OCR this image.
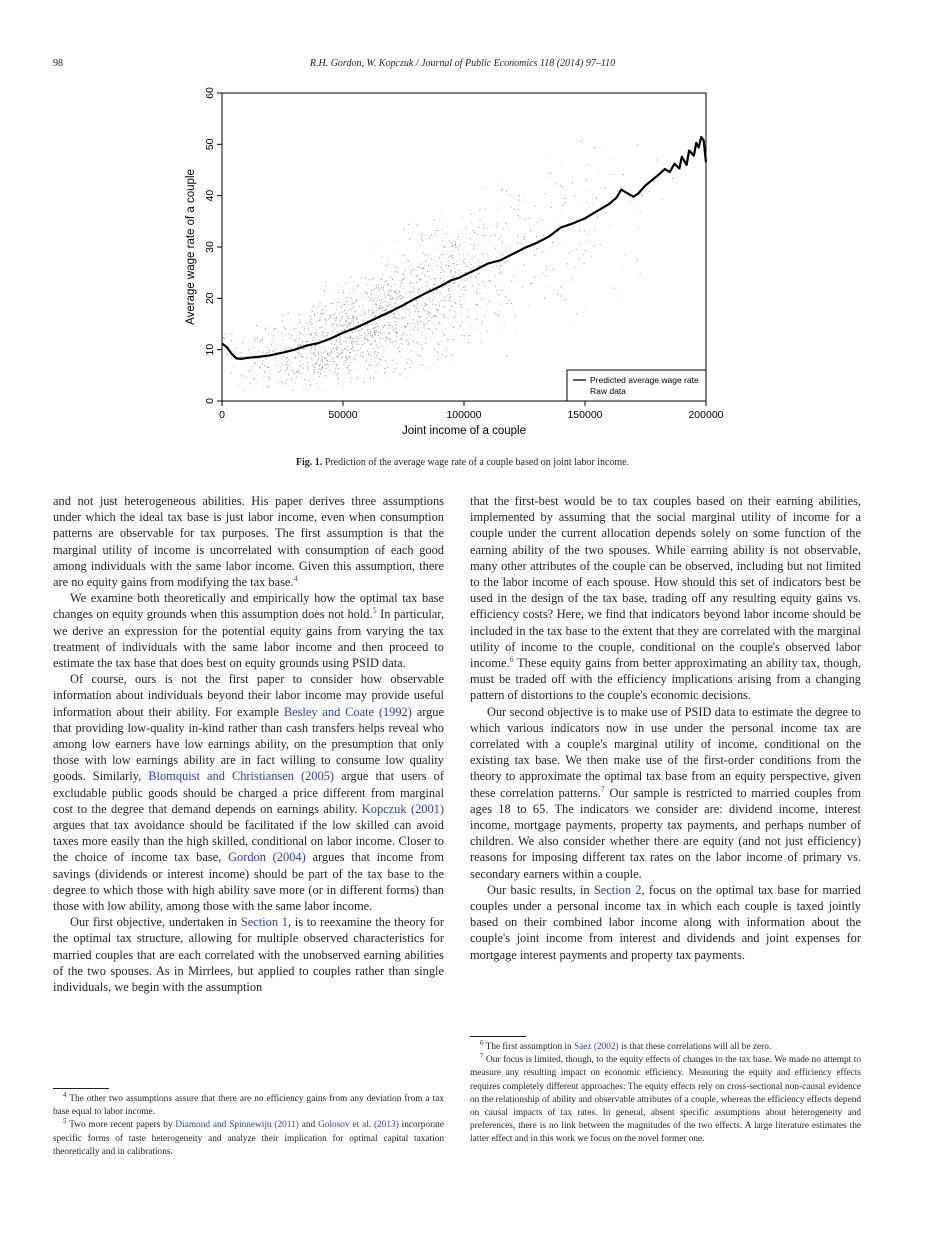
98	R.H. Gordon, W. Kopczuk / Journal of Public Economics 118 (2014) 97–110
0	50000	100000	150000	200000
0
10
20
30
40
50
60
Joint income of a couple
Average wage rate of a couple
Predicted average wage rate
Raw data
Fig. 1. Prediction of the average wage rate of a couple based on joint labor income.

and not just heterogeneous abilities. His paper derives three assumptions under which the ideal tax base is just labor income, even when consumption patterns are observable for tax purposes. The first assumption is that the marginal utility of income is uncorrelated with consumption of each good among individuals with the same labor income. Given this assumption, there are no equity gains from modifying the tax base.$^4$

We examine both theoretically and empirically how the optimal tax base changes on equity grounds when this assumption does not hold.$^5$ In particular, we derive an expression for the potential equity gains from varying the tax treatment of individuals with the same labor income and then proceed to estimate the tax base that does best on equity grounds using PSID data.

Of course, ours is not the first paper to consider how observable information about individuals beyond their labor income may provide useful information about their ability. For example Besley and Coate (1992) argue that providing low-quality in-kind rather than cash transfers helps reveal who among low earners have low earnings ability, on the presumption that only those with low earnings ability are in fact willing to consume low quality goods. Similarly, Blomquist and Christiansen (2005) argue that users of excludable public goods should be charged a price different from marginal cost to the degree that demand depends on earnings ability. Kopczuk (2001) argues that tax avoidance should be facilitated if the low skilled can avoid taxes more easily than the high skilled, conditional on labor income. Closer to the choice of income tax base, Gordon (2004) argues that income from savings (dividends or interest income) should be part of the tax base to the degree to which those with high ability save more (or in different forms) than those with low ability, among those with the same labor income.

Our first objective, undertaken in Section 1, is to reexamine the theory for the optimal tax structure, allowing for multiple observed characteristics for married couples that are each correlated with the unobserved earning abilities of the two spouses. As in Mirrlees, but applied to couples rather than single individuals, we begin with the assumption

that the first-best would be to tax couples based on their earning abilities, implemented by assuming that the social marginal utility of income for a couple under the current allocation depends solely on some function of the earning ability of the two spouses. While earning ability is not observable, many other attributes of the couple can be observed, including but not limited to the labor income of each spouse. How should this set of indicators best be used in the design of the tax base, trading off any resulting equity gains vs. efficiency costs? Here, we find that indicators beyond labor income should be included in the tax base to the extent that they are correlated with the marginal utility of income to the couple, conditional on the couple's observed labor income.$^6$ These equity gains from better approximating an ability tax, though, must be traded off with the efficiency implications arising from a changing pattern of distortions to the couple's economic decisions.

Our second objective is to make use of PSID data to estimate the degree to which various indicators now in use under the personal income tax are correlated with a couple's marginal utility of income, conditional on the existing tax base. We then make use of the first-order conditions from the theory to approximate the optimal tax base from an equity perspective, given these correlation patterns.$^7$ Our sample is restricted to married couples from ages 18 to 65. The indicators we consider are: dividend income, interest income, mortgage payments, property tax payments, and perhaps number of children. We also consider whether there are equity (and not just efficiency) reasons for imposing different tax rates on the labor income of primary vs. secondary earners within a couple.

Our basic results, in Section 2, focus on the optimal tax base for married couples under a personal income tax in which each couple is taxed jointly based on their combined labor income along with information about the couple's joint income from interest and dividends and joint expenses for mortgage interest payments and property tax payments.

$^4$ The other two assumptions assure that there are no efficiency gains from any deviation from a tax base equal to labor income.

$^5$ Two more recent papers by Diamond and Spinnewijn (2011) and Golosov et al. (2013) incorporate specific forms of taste heterogeneity and analyze their implication for optimal capital taxation theoretically and in calibrations.

$^6$ The first assumption in Saez (2002) is that these correlations will all be zero.

$^7$ Our focus is limited, though, to the equity effects of changes to the tax base. We made no attempt to measure any resulting impact on economic efficiency. Measuring the equity and efficiency effects requires completely different approaches: The equity effects rely on cross-sectional non-causal evidence on the relationship of ability and observable attributes of a couple, whereas the efficiency effects depend on causal impacts of tax rates. In general, absent specific assumptions about heterogeneity and preferences, there is no link between the magnitudes of the two effects. A large literature estimates the latter effect and in this work we focus on the novel former one.
